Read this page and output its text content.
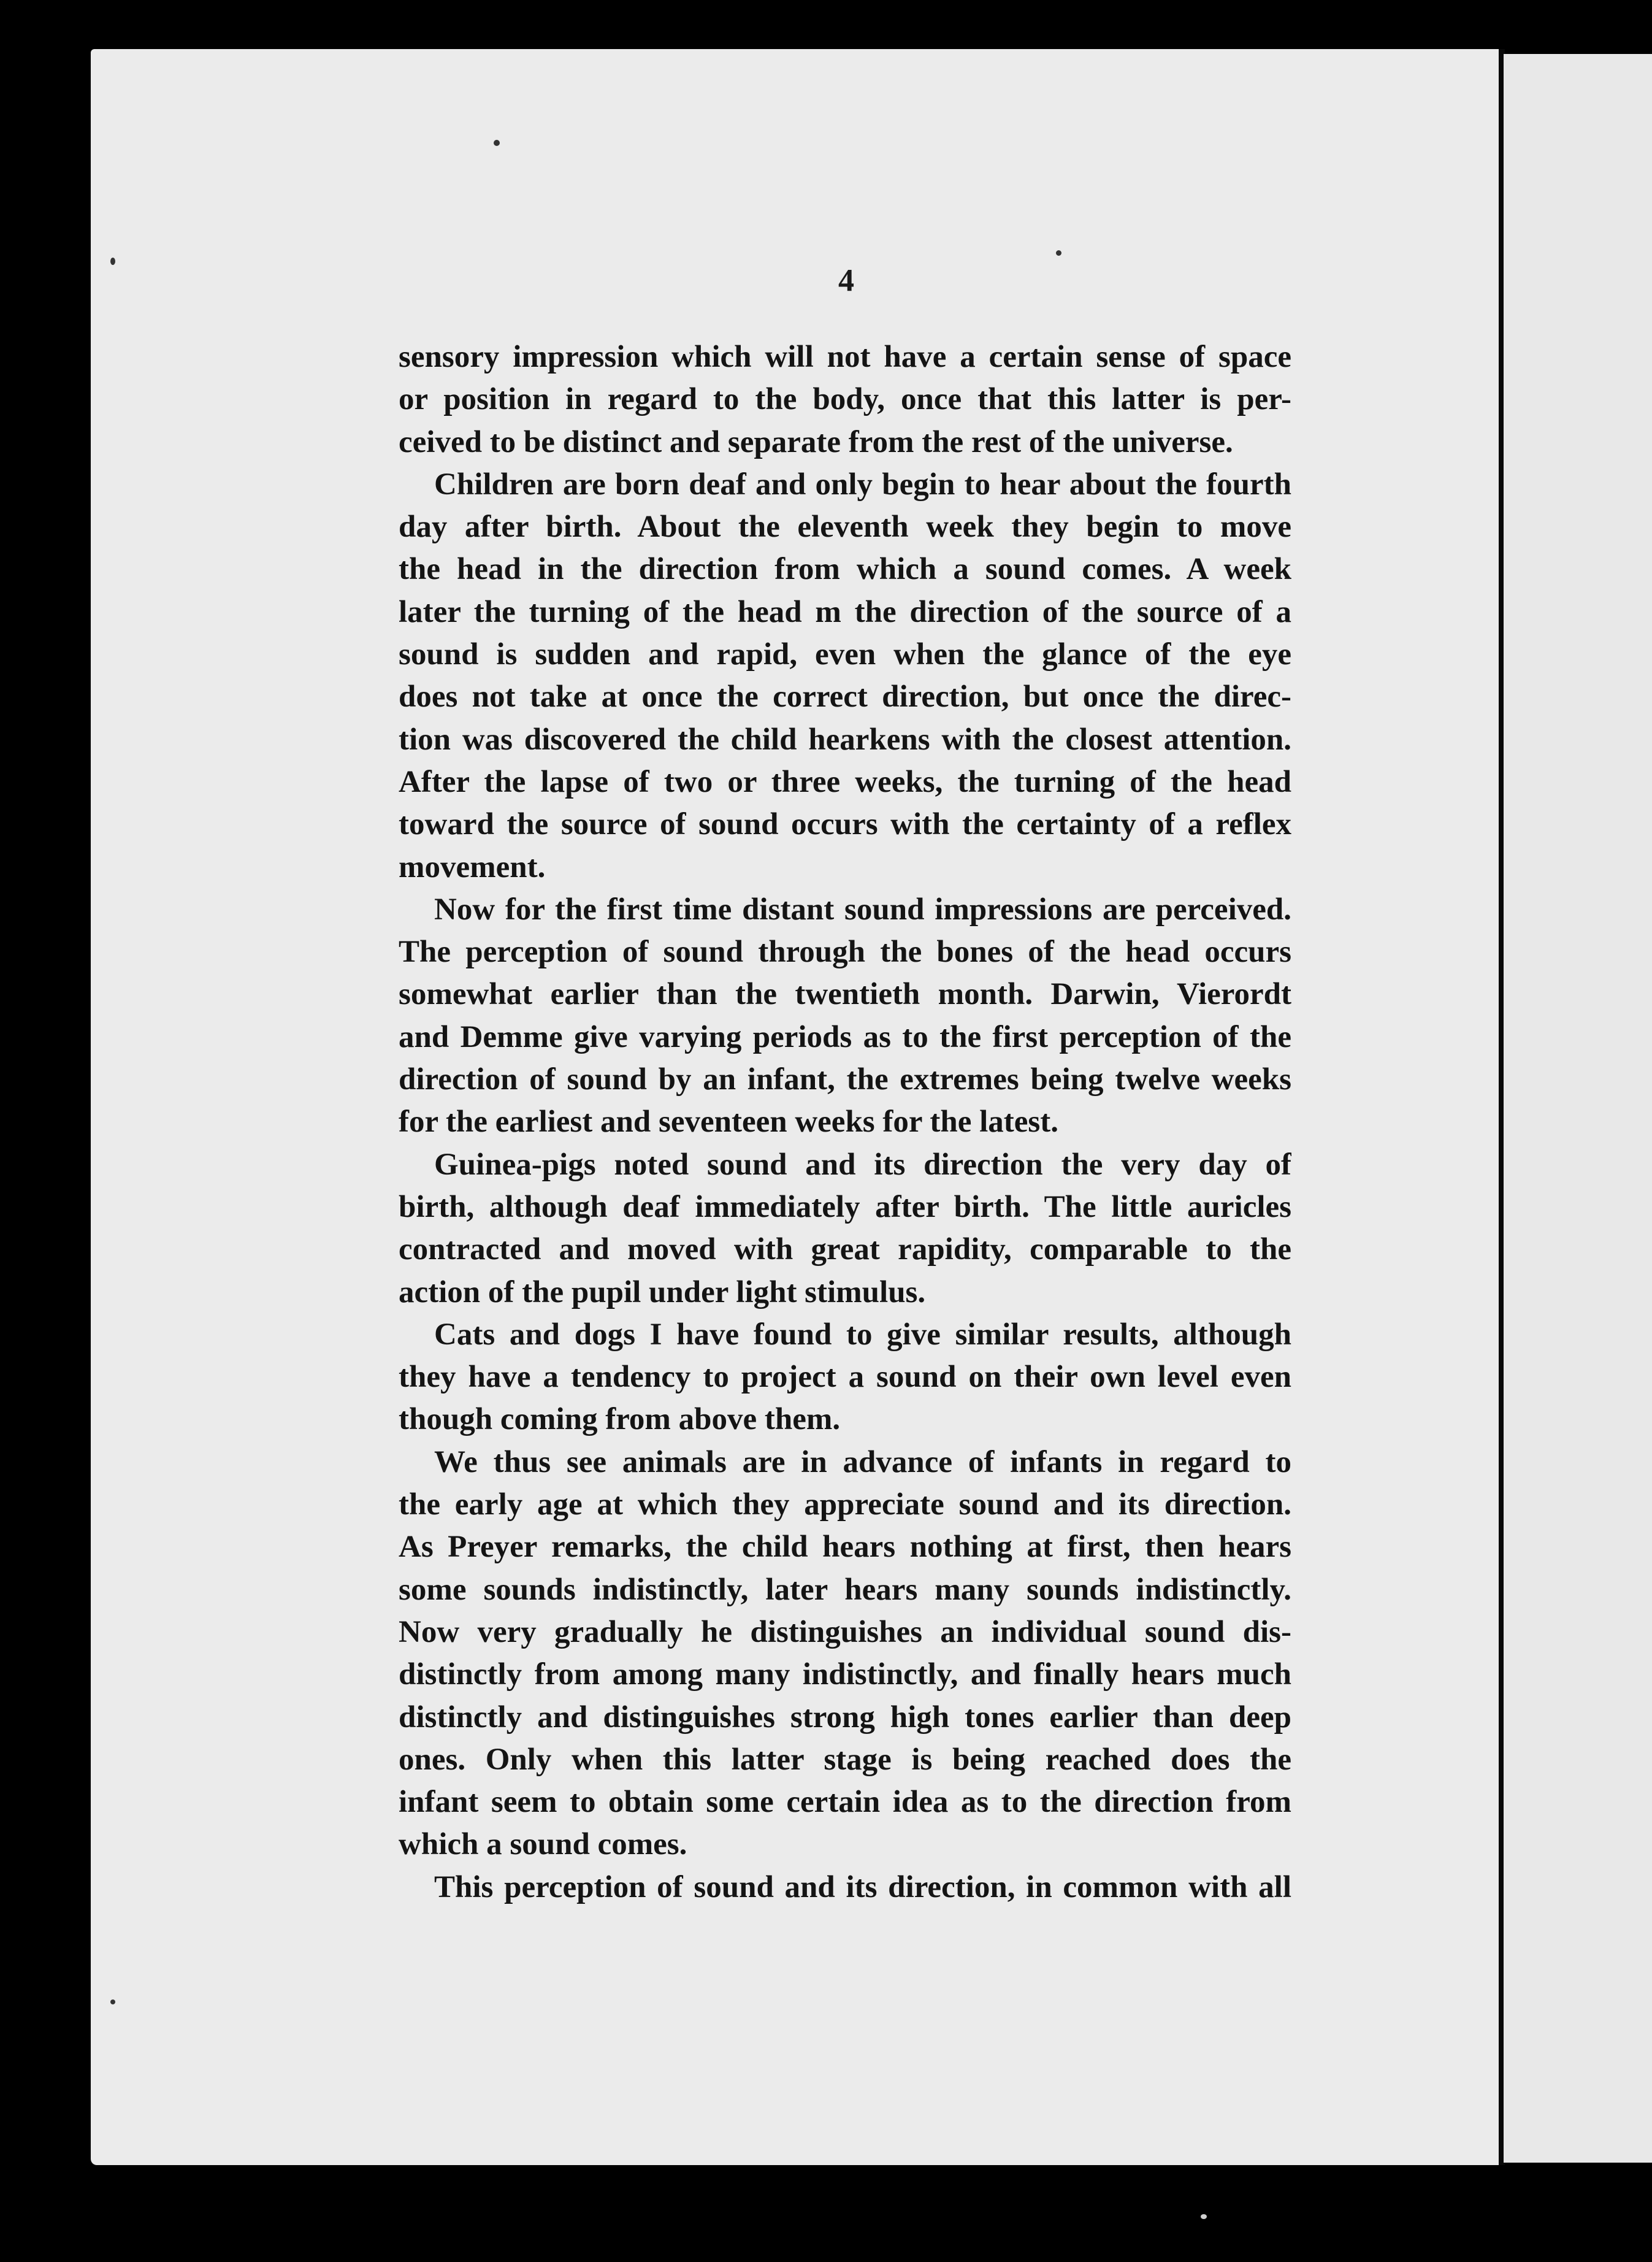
4
sensory impression which will not have a certain sense of space
or position in regard to the body, once that this latter is per-
ceived to be distinct and separate from the rest of the universe.
Children are born deaf and only begin to hear about the fourth
day after birth. About the eleventh week they begin to move
the head in the direction from which a sound comes. A week
later the turning of the head m the direction of the source of a
sound is sudden and rapid, even when the glance of the eye
does not take at once the correct direction, but once the direc-
tion was discovered the child hearkens with the closest attention.
After the lapse of two or three weeks, the turning of the head
toward the source of sound occurs with the certainty of a reflex
movement.
Now for the first time distant sound impressions are perceived.
The perception of sound through the bones of the head occurs
somewhat earlier than the twentieth month. Darwin, Vierordt
and Demme give varying periods as to the first perception of the
direction of sound by an infant, the extremes being twelve weeks
for the earliest and seventeen weeks for the latest.
Guinea-pigs noted sound and its direction the very day of
birth, although deaf immediately after birth. The little auricles
contracted and moved with great rapidity, comparable to the
action of the pupil under light stimulus.
Cats and dogs I have found to give similar results, although
they have a tendency to project a sound on their own level even
though coming from above them.
We thus see animals are in advance of infants in regard to
the early age at which they appreciate sound and its direction.
As Preyer remarks, the child hears nothing at first, then hears
some sounds indistinctly, later hears many sounds indistinctly.
Now very gradually he distinguishes an individual sound dis-
distinctly from among many indistinctly, and finally hears much
distinctly and distinguishes strong high tones earlier than deep
ones. Only when this latter stage is being reached does the
infant seem to obtain some certain idea as to the direction from
which a sound comes.
This perception of sound and its direction, in common with all
